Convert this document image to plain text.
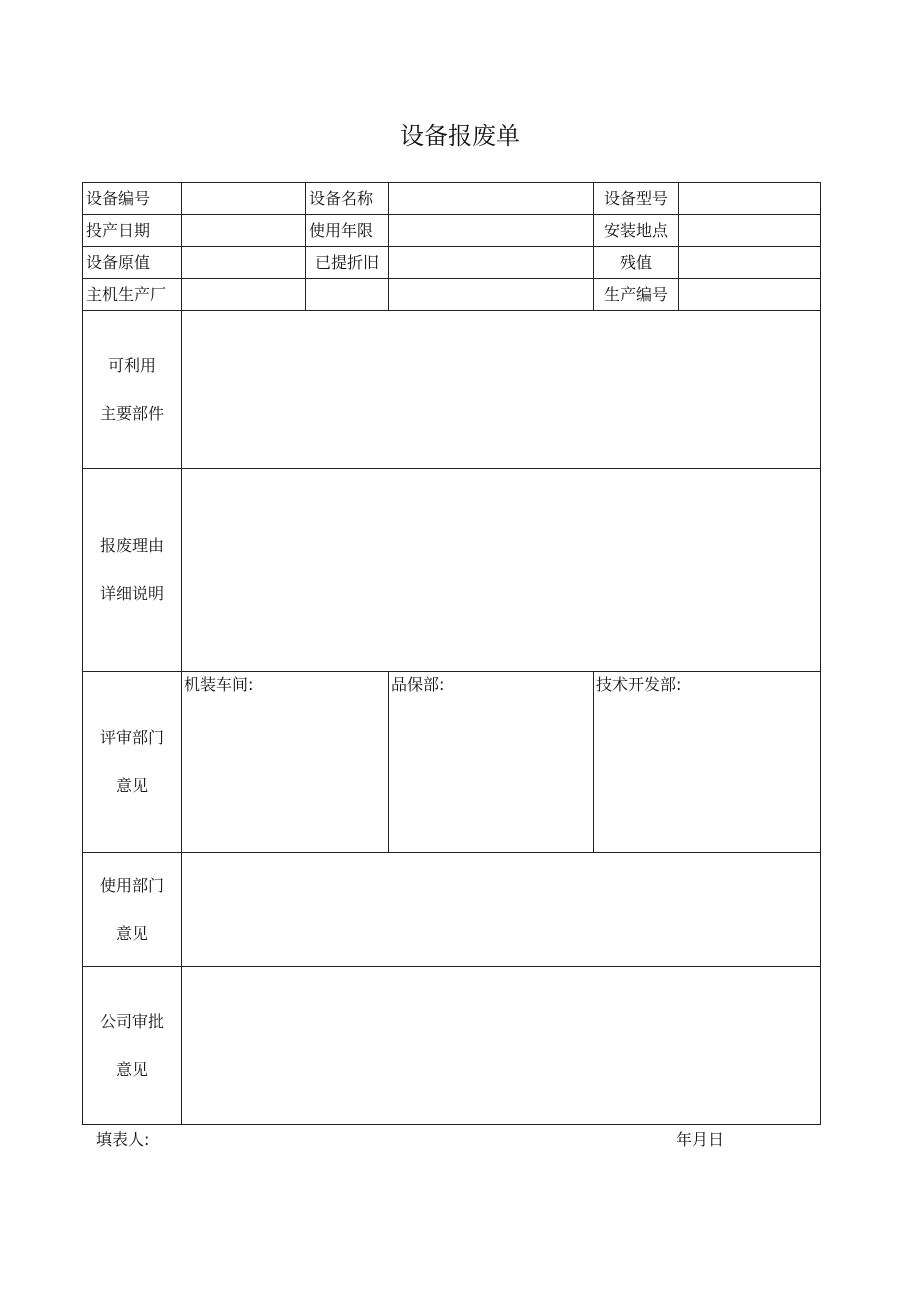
设备报废单
设备编号		设备名称		设备型号	
投产日期		使用年限		安装地点	
设备原值		已提折旧		残值	
主机生产厂				生产编号	

可利用
主要部件					

报废理由
详细说明					

评审部门
意见	机装车间:		品保部:	技术开发部:	

使用部门
意见					

公司审批
意见					

填表人:	年月日
